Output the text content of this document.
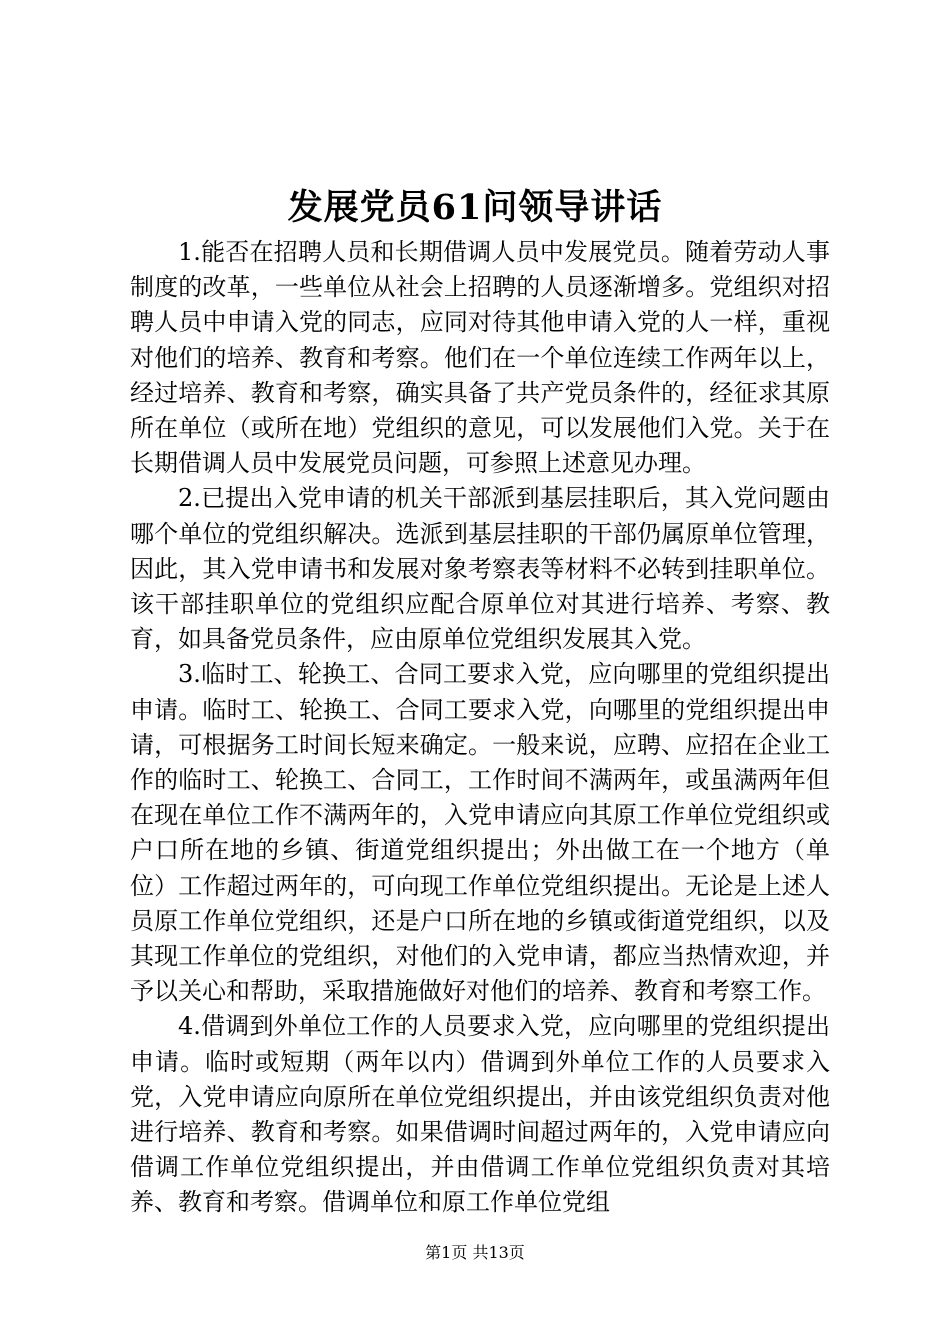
发展党员61问领导讲话

1.能否在招聘人员和长期借调人员中发展党员。随着劳动人事制度的改革，一些单位从社会上招聘的人员逐渐增多。党组织对招聘人员中申请入党的同志，应同对待其他申请入党的人一样，重视对他们的培养、教育和考察。他们在一个单位连续工作两年以上，经过培养、教育和考察，确实具备了共产党员条件的，经征求其原所在单位（或所在地）党组织的意见，可以发展他们入党。关于在长期借调人员中发展党员问题，可参照上述意见办理。

2.已提出入党申请的机关干部派到基层挂职后，其入党问题由哪个单位的党组织解决。选派到基层挂职的干部仍属原单位管理，因此，其入党申请书和发展对象考察表等材料不必转到挂职单位。该干部挂职单位的党组织应配合原单位对其进行培养、考察、教育，如具备党员条件，应由原单位党组织发展其入党。

3.临时工、轮换工、合同工要求入党，应向哪里的党组织提出申请。临时工、轮换工、合同工要求入党，向哪里的党组织提出申请，可根据务工时间长短来确定。一般来说，应聘、应招在企业工作的临时工、轮换工、合同工，工作时间不满两年，或虽满两年但在现在单位工作不满两年的，入党申请应向其原工作单位党组织或户口所在地的乡镇、街道党组织提出；外出做工在一个地方（单位）工作超过两年的，可向现工作单位党组织提出。无论是上述人员原工作单位党组织，还是户口所在地的乡镇或街道党组织，以及其现工作单位的党组织，对他们的入党申请，都应当热情欢迎，并予以关心和帮助，采取措施做好对他们的培养、教育和考察工作。

4.借调到外单位工作的人员要求入党，应向哪里的党组织提出申请。临时或短期（两年以内）借调到外单位工作的人员要求入党，入党申请应向原所在单位党组织提出，并由该党组织负责对他进行培养、教育和考察。如果借调时间超过两年的，入党申请应向借调工作单位党组织提出，并由借调工作单位党组织负责对其培养、教育和考察。借调单位和原工作单位党组

第1页 共13页
